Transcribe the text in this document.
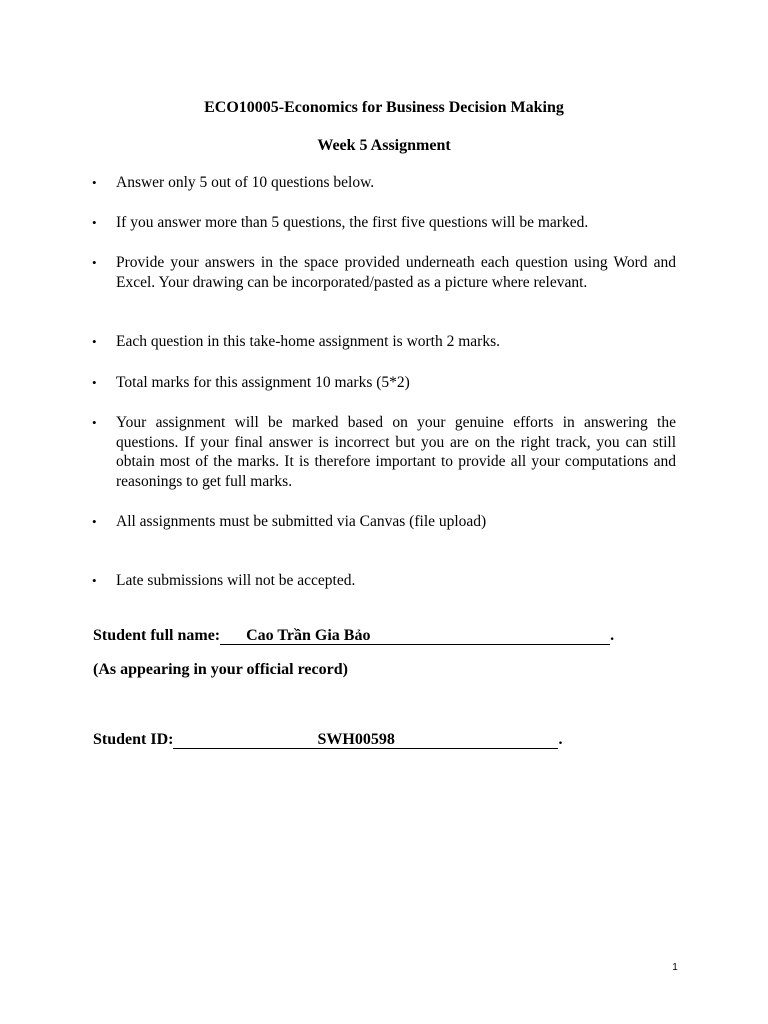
ECO10005-Economics for Business Decision Making
Week 5 Assignment
•	Answer only 5 out of 10 questions below.
•	If you answer more than 5 questions, the first five questions will be marked.
•	Provide your answers in the space provided underneath each question using Word and Excel. Your drawing can be incorporated/pasted as a picture where relevant.
•	Each question in this take-home assignment is worth 2 marks.
•	Total marks for this assignment 10 marks (5*2)
•	Your assignment will be marked based on your genuine efforts in answering the questions. If your final answer is incorrect but you are on the right track, you can still obtain most of the marks. It is therefore important to provide all your computations and reasonings to get full marks.
•	All assignments must be submitted via Canvas (file upload)
•	Late submissions will not be accepted.
Student full name: Cao Trần Gia Bảo	.
(As appearing in your official record)
Student ID:	SWH00598	.
1
